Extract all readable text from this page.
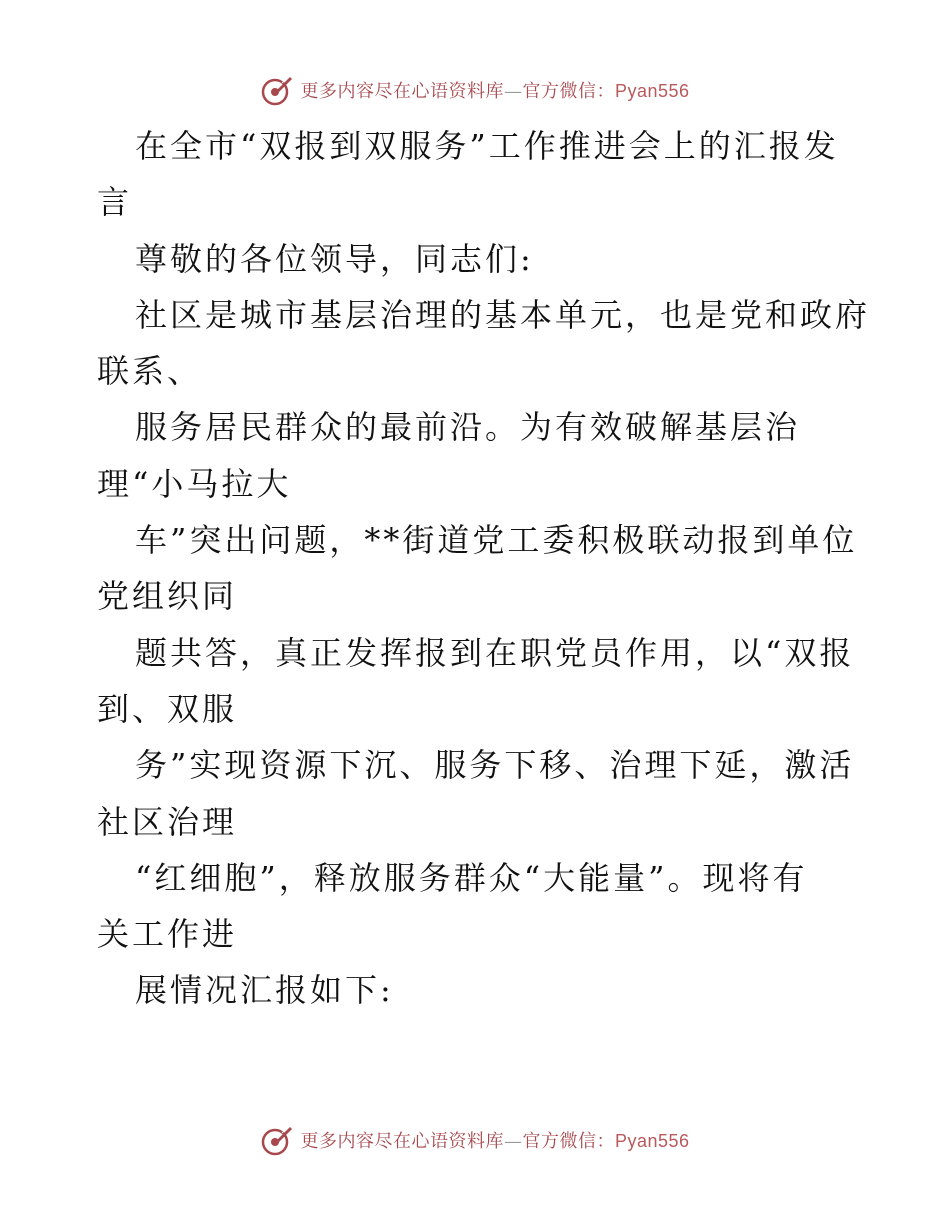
更多内容尽在心语资料库—官方微信：Pyan556
在全市“双报到双服务”工作推进会上的汇报发
言
尊敬的各位领导，同志们:
社区是城市基层治理的基本单元，也是党和政府
联系、
服务居民群众的最前沿。为有效破解基层治
理“小马拉大
车”突出问题，**街道党工委积极联动报到单位
党组织同
题共答，真正发挥报到在职党员作用，以“双报
到、双服
务”实现资源下沉、服务下移、治理下延，激活
社区治理
“红细胞”，释放服务群众“大能量”。现将有
关工作进
展情况汇报如下:
更多内容尽在心语资料库—官方微信：Pyan556
